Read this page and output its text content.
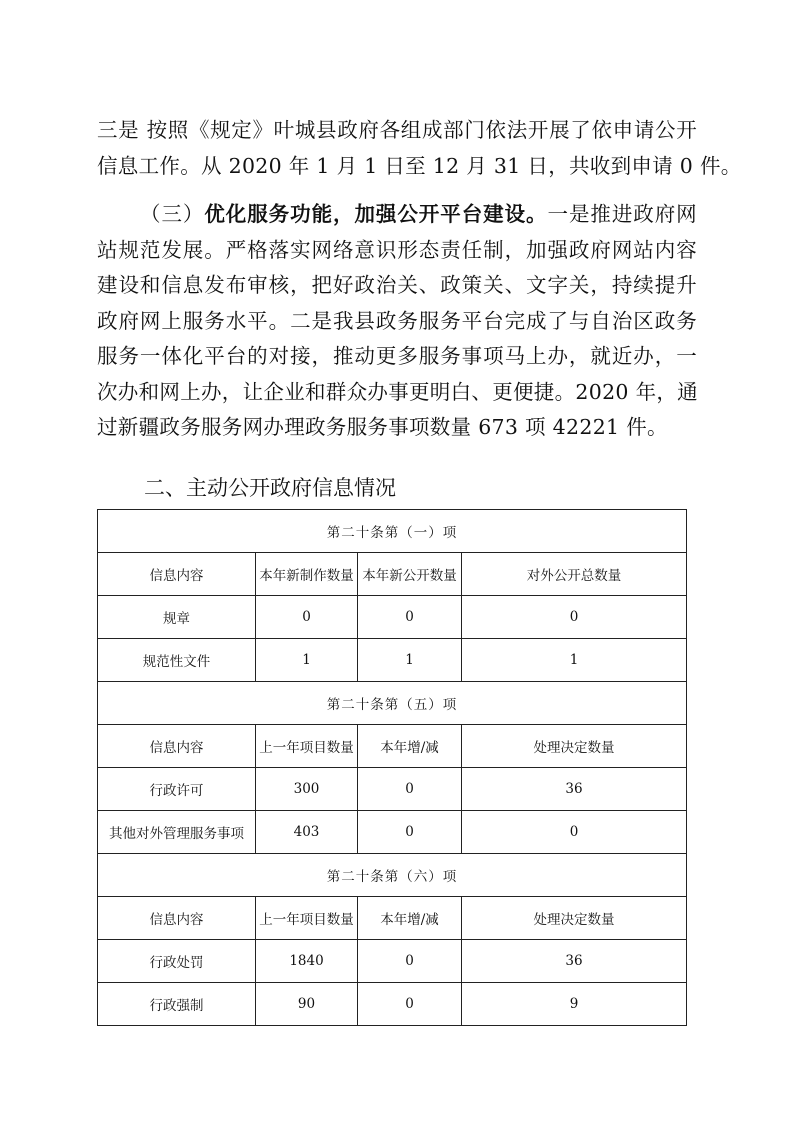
三是 按照《规定》叶城县政府各组成部门依法开展了依申请公开
信息工作。从 2020 年 1 月 1 日至 12 月 31 日，共收到申请 0 件。
（三）优化服务功能，加强公开平台建设。一是推进政府网
站规范发展。严格落实网络意识形态责任制，加强政府网站内容
建设和信息发布审核，把好政治关、政策关、文字关，持续提升
政府网上服务水平。二是我县政务服务平台完成了与自治区政务
服务一体化平台的对接，推动更多服务事项马上办，就近办，一
次办和网上办，让企业和群众办事更明白、更便捷。2020 年，通
过新疆政务服务网办理政务服务事项数量 673 项 42221 件。
二、主动公开政府信息情况
第二十条第（一）项			
信息内容	本年新制作数量	本年新公开数量	对外公开总数量
规章	0	0	0
规范性文件	1	1	1
第二十条第（五）项			
信息内容	上一年项目数量	本年增/减	处理决定数量
行政许可	300	0	36
其他对外管理服务事项	403	0	0
第二十条第（六）项			
信息内容	上一年项目数量	本年增/减	处理决定数量
行政处罚	1840	0	36
行政强制	90	0	9
